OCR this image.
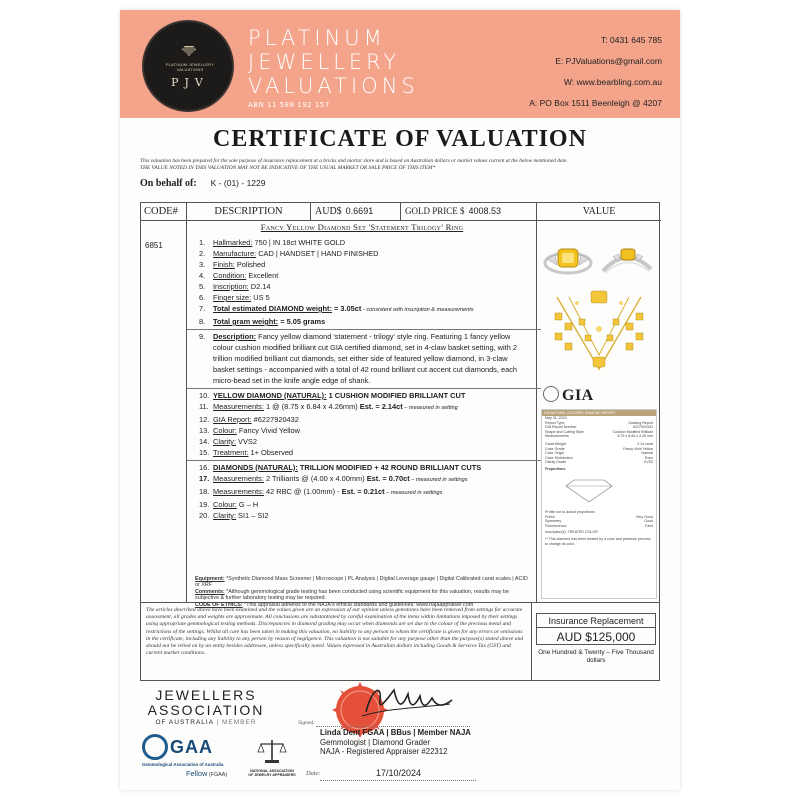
PLATINUM JEWELLERY VALUATIONS
PJV
PLATINUM
JEWELLERY
VALUATIONS
ABN 11 588 192 157
T: 0431 645 785
E: PJValuations@gmail.com
W: www.bearbling.com.au
A: PO Box 1511 Beenleigh @ 4207
CERTIFICATE OF VALUATION
This valuation has been prepared for the sole purpose of insurance replacement at a bricks and mortar store and is based on Australian dollars or market values current at the below mentioned date.
THE VALUE NOTED IN THIS VALUATION MAY NOT BE INDICATIVE OF THE USUAL MARKET OR SALE PRICE OF THIS ITEM*
On behalf of: K - (01) - 1229
CODE#	DESCRIPTION	AUD$ 0.6691	GOLD PRICE $ 4008.53	VALUE
6851
Fancy Yellow Diamond Set 'Statement Trilogy' Ring
1. Hallmarked: 750 | IN 18ct WHITE GOLD
2. Manufacture: CAD | HANDSET | HAND FINISHED
3. Finish: Polished
4. Condition: Excellent
5. Inscription: D2.14
6. Finger size: US 5
7. Total estimated DIAMOND weight: = 3.05ct - consistent with inscription & measurements
8. Total gram weight: = 5.05 grams
9. Description: Fancy yellow diamond 'statement - trilogy' style ring. Featuring 1 fancy yellow colour cushion modified brilliant cut GIA certified diamond, set in 4-claw basket setting, with 2 trillion modified brilliant cut diamonds, set either side of featured yellow diamond, in 3-claw basket settings - accompanied with a total of 42 round brilliant cut accent cut diamonds, each micro-bead set in the knife angle edge of shank.
10. YELLOW DIAMOND (NATURAL): 1 CUSHION MODIFIED BRILLIANT CUT
11. Measurements: 1 @ (8.75 x 6.84 x 4.26mm) Est. = 2.14ct – measured in setting
12. GIA Report: #6227920432
13. Colour: Fancy Vivid Yellow
14. Clarity: VVS2
15. Treatment: 1+ Observed
16. DIAMONDS (NATURAL): TRILLION MODIFIED + 42 ROUND BRILLIANT CUTS
17. Measurements: 2 Trilliants @ (4.00 x 4.00mm) Est. = 0.70ct – measured in settings
18. Measurements: 42 RBC @ (1.00mm) - Est. = 0.21ct – measured in settings
19. Colour: G – H
20. Clarity: SI1 – SI2
Equipment: *Synthetic Diamond Mass Screener | Microscope | PL Analysis | Digital Leverage gauge | Digital Calibrated carat scales | ACID or XRF
Comments: *Although gemmological grade testing has been conducted using scientific equipment for this valuation, results may be subjective & further laboratory testing may be required.
CODE OF ETHICS: *This appraisal adheres to the NAJA's ethical standards and guidelines: www.najaappraiser.com
GIA
GIA NATURAL COLORED DIAMOND REPORT
May 31, 2024
Report Type	Grading Report
GIA Report Number	6227920432
Shape and Cutting Style	Cushion Modified Brilliant
Measurements	8.75 x 6.84 x 4.26 mm
Carat Weight	2.14 carat
Color Grade	Fancy Vivid Yellow
Color Origin	Natural
Color Distribution	Even
Clarity Grade	VVS2
Proportions
Profile not to actual proportions
Polish	Very Good
Symmetry	Good
Fluorescence	Faint
Inscription(s): TREATED COLOR
** This diamond has been treated by a color and pressure process to change its color.
The articles described above have been examined and the values given are an expression of our opinion unless gemstones have been removed from settings for accurate assessment, all grades and weights are approximate. All conclusions are substantiated by careful examination of the items within limitations imposed by their settings using appropriate gemmological testing methods. Discrepancies in diamond grading may occur when diamonds are set due to the colour of the precious metal and restrictions of the settings. Whilst all care has been taken in making this valuation, no liability to any person to whom the certificate is given for any errors or omissions in the certificate, including any liability to any person by reason of negligence. This valuation is not suitable for any purpose other than the purpose(s) stated above and should not be relied on by an entity besides addressee, unless specifically noted. Values expressed in Australian dollars including Goods & Services Tax (GST) and current market conditions.
Insurance Replacement
AUD $125,000
One Hundred & Twenty – Five Thousand dollars
JEWELLERS
ASSOCIATION
OF AUSTRALIA | MEMBER
GAA
Gemmological Association of Australia
Fellow (FGAA)
NATIONAL ASSOCIATION OF JEWELRY APPRAISERS
Signed:
Linda Dent FGAA | BBus | Member NAJA
Gemmologist | Diamond Grader
NAJA - Registered Appraiser #22312
Date:	17/10/2024
